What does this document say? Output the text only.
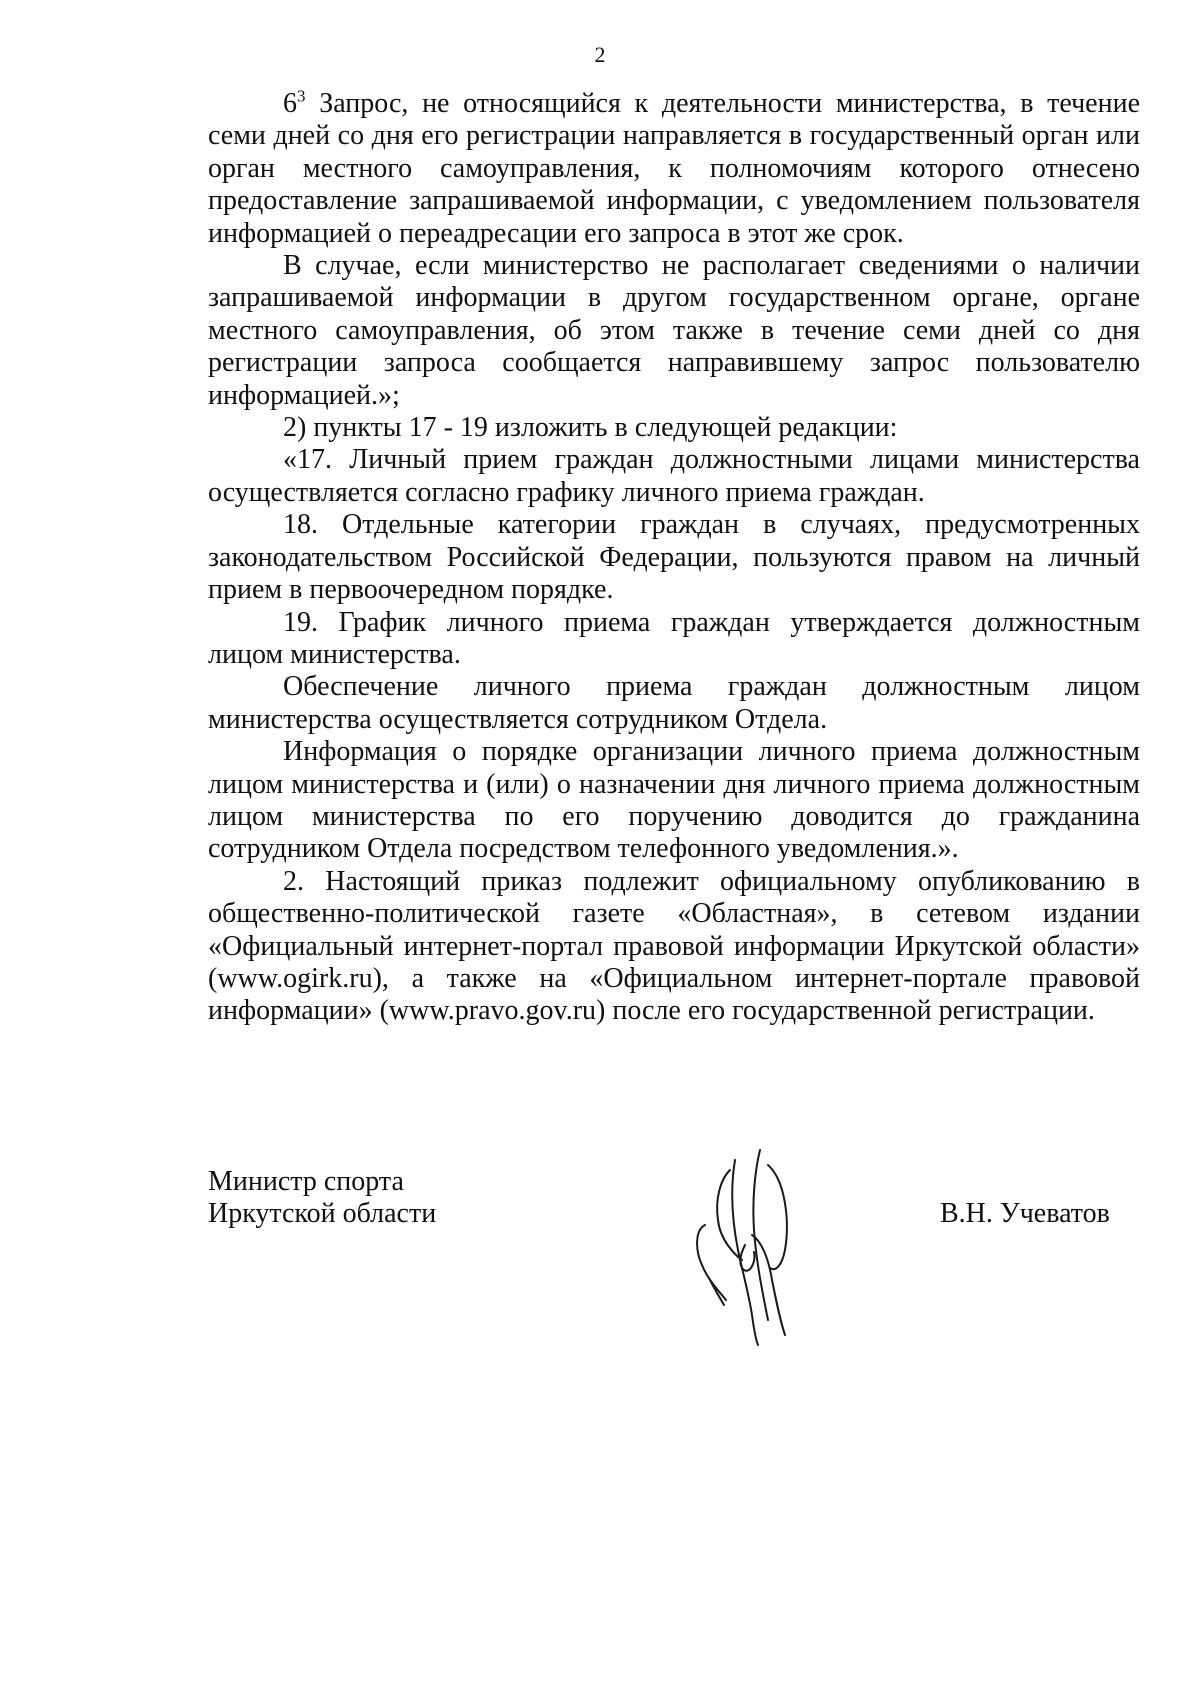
2

$6^3$ Запрос, не относящийся к деятельности министерства, в течение семи дней со дня его регистрации направляется в государственный орган или орган местного самоуправления, к полномочиям которого отнесено предоставление запрашиваемой информации, с уведомлением пользователя информацией о переадресации его запроса в этот же срок.

В случае, если министерство не располагает сведениями о наличии запрашиваемой информации в другом государственном органе, органе местного самоуправления, об этом также в течение семи дней со дня регистрации запроса сообщается направившему запрос пользователю информацией.»;

2) пункты 17 - 19 изложить в следующей редакции:

«17. Личный прием граждан должностными лицами министерства осуществляется согласно графику личного приема граждан.

18. Отдельные категории граждан в случаях, предусмотренных законодательством Российской Федерации, пользуются правом на личный прием в первоочередном порядке.

19. График личного приема граждан утверждается должностным лицом министерства.

Обеспечение личного приема граждан должностным лицом министерства осуществляется сотрудником Отдела.

Информация о порядке организации личного приема должностным лицом министерства и (или) о назначении дня личного приема должностным лицом министерства по его поручению доводится до гражданина сотрудником Отдела посредством телефонного уведомления.».

2. Настоящий приказ подлежит официальному опубликованию в общественно-политической газете «Областная», в сетевом издании «Официальный интернет-портал правовой информации Иркутской области» (www.ogirk.ru), а также на «Официальном интернет-портале правовой информации» (www.pravo.gov.ru) после его государственной регистрации.

Министр спорта
Иркутской области	В.Н. Учеватов
